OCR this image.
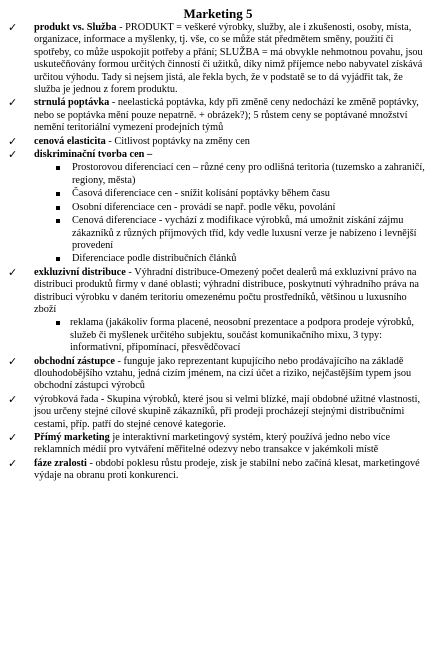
Marketing 5
✓ produkt vs. Služba - PRODUKT = veškeré výrobky, služby, ale i zkušenosti, osoby, místa, organizace, informace a myšlenky, tj. vše, co se může stát předmětem směny, použití či spotřeby, co může uspokojit potřeby a přání; SLUŽBA = má obvykle nehmotnou povahu, jsou uskutečňovány formou určitých činností či užitků, díky nimž příjemce nebo nabyvatel získává určitou výhodu. Tady si nejsem jistá, ale řekla bych, že v podstatě se to dá vyjádřit tak, že služba je jednou z forem produktu.
✓ strnulá poptávka - neelastická poptávka, kdy při změně ceny nedochází ke změně poptávky, nebo se poptávka mění pouze nepatrně. + obrázek?); 5 růstem ceny se poptávané množství nemění teritoriální vymezení prodejních týmů
✓ cenová elasticita - Citlivost poptávky na změny cen
✓ diskriminační tvorba cen –
Prostorovou diferenciací cen – různé ceny pro odlišná teritoria (tuzemsko a zahraničí, regiony, města)
Časová diferenciace cen - snížit kolísání poptávky během času
Osobní diferenciace cen - provádí se např. podle věku, povolání
Cenová diferenciace - vychází z modifikace výrobků, má umožnit získání zájmu zákazníků z různých příjmových tříd, kdy vedle luxusní verze je nabízeno i levnější provedení
Diferenciace podle distribučních článků
✓ exkluzivní distribuce - Výhradní distribuce-Omezený počet dealerů má exkluzivní právo na distribuci produktů firmy v dané oblasti; výhradní distribuce, poskytnutí výhradního práva na distribuci výrobku v daném teritoriu omezenému počtu prostředníků, většinou u luxusního zboží
reklama (jakákoliv forma placené, neosobní prezentace a podpora prodeje výrobků, služeb či myšlenek určitého subjektu, součást komunikačního mixu, 3 typy: informativní, připomínací, přesvědčovací
✓ obchodní zástupce - funguje jako reprezentant kupujícího nebo prodávajícího na základě dlouhodobějšího vztahu, jedná cizím jménem, na cizí účet a riziko, nejčastějším typem jsou obchodní zástupci výrobců
✓ výrobková řada - Skupina výrobků, které jsou si velmi blízké, mají obdobné užitné vlastnosti, jsou určeny stejné cílové skupině zákazníků, při prodeji procházejí stejnými distribučními cestami, příp. patří do stejné cenové kategorie.
✓ Přímý marketing je interaktivní marketingový systém, který používá jedno nebo více reklamních médií pro vytváření měřitelné odezvy nebo transakce v jakémkoli místě
✓ fáze zralosti - období poklesu růstu prodeje, zisk je stabilní nebo začíná klesat, marketingové výdaje na obranu proti konkurenci.
